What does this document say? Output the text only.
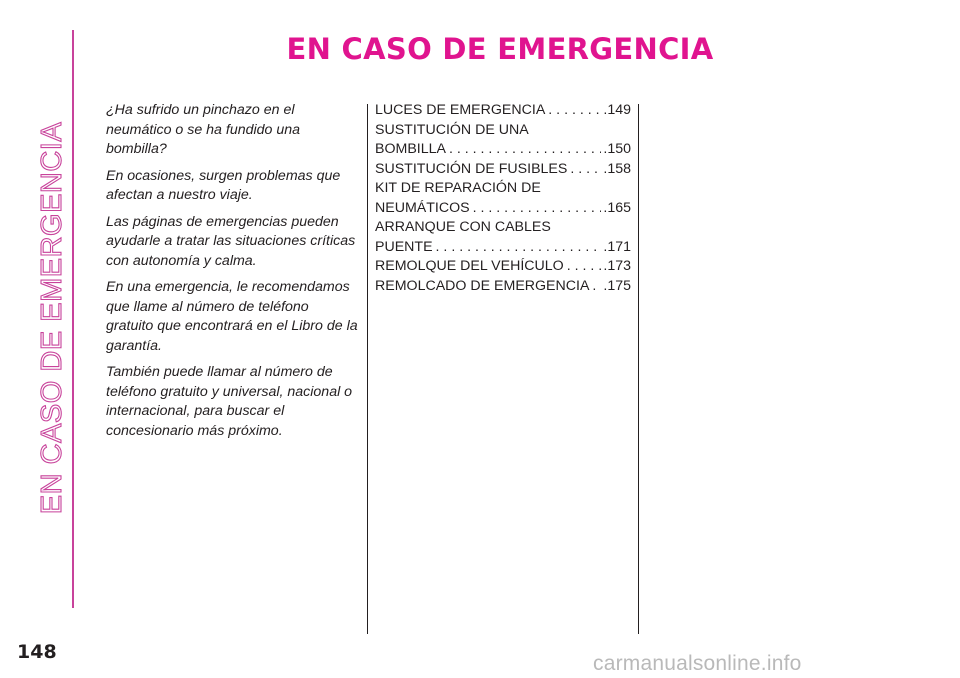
EN CASO DE EMERGENCIA
EN CASO DE EMERGENCIA

¿Ha sufrido un pinchazo en el
neumático o se ha fundido una
bombilla?

En ocasiones, surgen problemas que
afectan a nuestro viaje.

Las páginas de emergencias pueden
ayudarle a tratar las situaciones críticas
con autonomía y calma.

En una emergencia, le recomendamos
que llame al número de teléfono
gratuito que encontrará en el Libro de la
garantía.

También puede llamar al número de
teléfono gratuito y universal, nacional o
internacional, para buscar el
concesionario más próximo.

LUCES DE EMERGENCIA . . .	.149
SUSTITUCIÓN DE UNA
BOMBILLA . . .	.150
SUSTITUCIÓN DE FUSIBLES . . .	.158
KIT DE REPARACIÓN DE
NEUMÁTICOS . . .	.165
ARRANQUE CON CABLES
PUENTE . . .	.171
REMOLQUE DEL VEHÍCULO . . .	.173
REMOLCADO DE EMERGENCIA . . . .175
148	carmanualsonline.info
